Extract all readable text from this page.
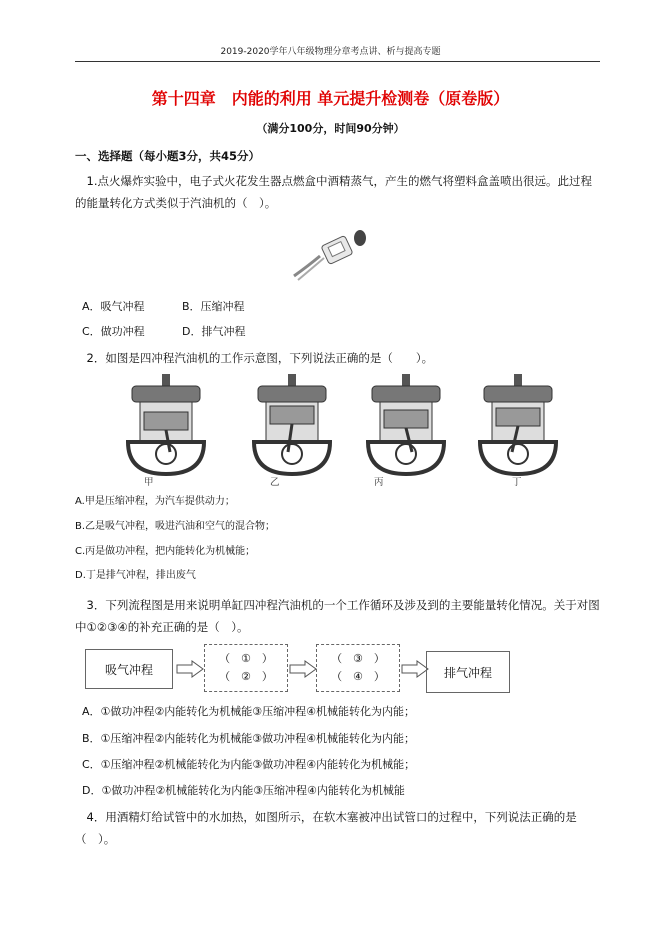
2019-2020学年八年级物理分章考点讲、析与提高专题
第十四章　内能的利用 单元提升检测卷（原卷版）
（满分100分，时间90分钟）
一、选择题（每小题3分，共45分）
1.点火爆炸实验中，电子式火花发生器点燃盒中酒精蒸气，产生的燃气将塑料盒盖喷出很远。此过程的能量转化方式类似于汽油机的（　）。
A．吸气冲程	B．压缩冲程
C．做功冲程	D．排气冲程
2．如图是四冲程汽油机的工作示意图，下列说法正确的是（　　）。
甲	乙	丙	丁
A.甲是压缩冲程，为汽车提供动力；
B.乙是吸气冲程，吸进汽油和空气的混合物；
C.丙是做功冲程，把内能转化为机械能；
D.丁是排气冲程，排出废气
3．下列流程图是用来说明单缸四冲程汽油机的一个工作循环及涉及到的主要能量转化情况。关于对图中①②③④的补充正确的是（　）。
吸气冲程
（　①　）
（　②　）
（　③　）
（　④　）	排气冲程
A．①做功冲程②内能转化为机械能③压缩冲程④机械能转化为内能；
B．①压缩冲程②内能转化为机械能③做功冲程④机械能转化为内能；
C．①压缩冲程②机械能转化为内能③做功冲程④内能转化为机械能；
D．①做功冲程②机械能转化为内能③压缩冲程④内能转化为机械能
4．用酒精灯给试管中的水加热，如图所示，在软木塞被冲出试管口的过程中，下列说法正确的是（　）。
